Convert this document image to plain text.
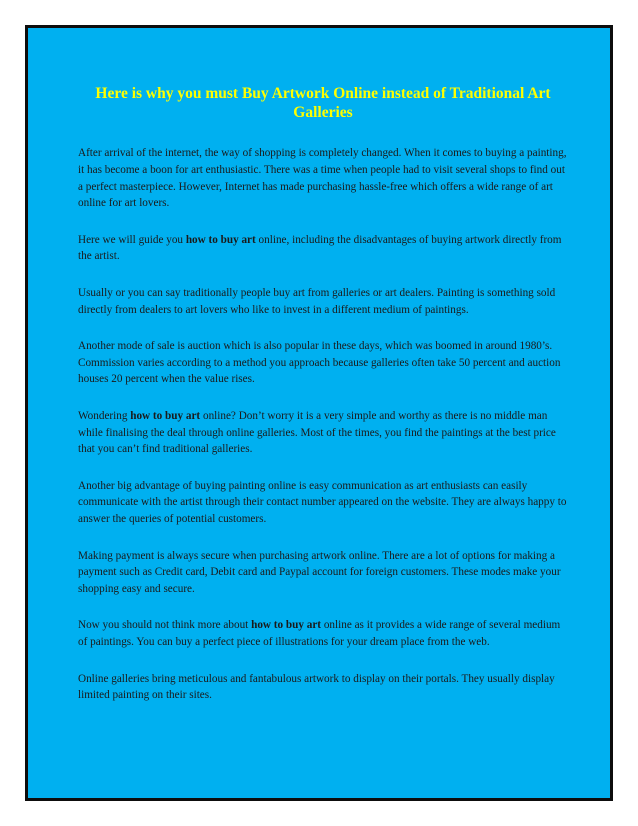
Here is why you must Buy Artwork Online instead of Traditional Art Galleries

After arrival of the internet, the way of shopping is completely changed. When it comes to buying a painting, it has become a boon for art enthusiastic. There was a time when people had to visit several shops to find out a perfect masterpiece. However, Internet has made purchasing hassle-free which offers a wide range of art online for art lovers.

Here we will guide you how to buy art online, including the disadvantages of buying artwork directly from the artist.

Usually or you can say traditionally people buy art from galleries or art dealers. Painting is something sold directly from dealers to art lovers who like to invest in a different medium of paintings.

Another mode of sale is auction which is also popular in these days, which was boomed in around 1980’s. Commission varies according to a method you approach because galleries often take 50 percent and auction houses 20 percent when the value rises.

Wondering how to buy art online? Don’t worry it is a very simple and worthy as there is no middle man while finalising the deal through online galleries. Most of the times, you find the paintings at the best price that you can’t find traditional galleries.

Another big advantage of buying painting online is easy communication as art enthusiasts can easily communicate with the artist through their contact number appeared on the website. They are always happy to answer the queries of potential customers.

Making payment is always secure when purchasing artwork online. There are a lot of options for making a payment such as Credit card, Debit card and Paypal account for foreign customers. These modes make your shopping easy and secure.

Now you should not think more about how to buy art online as it provides a wide range of several medium of paintings. You can buy a perfect piece of illustrations for your dream place from the web.

Online galleries bring meticulous and fantabulous artwork to display on their portals. They usually display limited painting on their sites.
